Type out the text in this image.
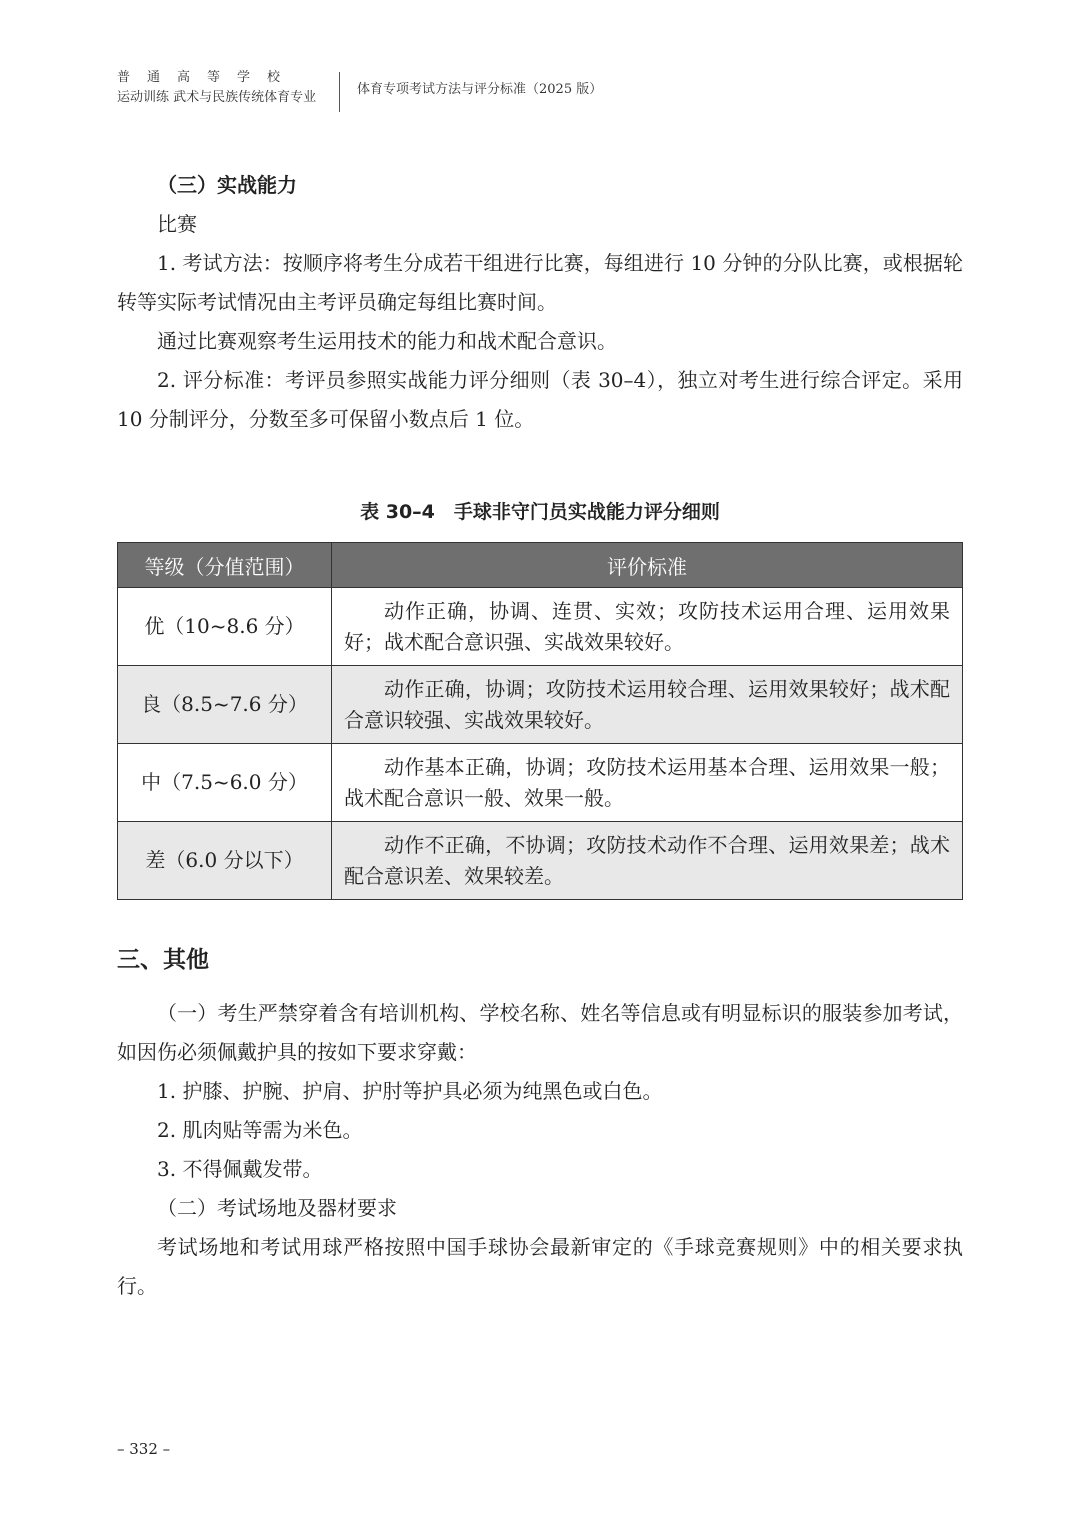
普通高等学校
运动训练 武术与民族传统体育专业
体育专项考试方法与评分标准（2025 版）

（三）实战能力

比赛

1. 考试方法：按顺序将考生分成若干组进行比赛，每组进行 10 分钟的分队比赛，或根据轮转等实际考试情况由主考评员确定每组比赛时间。

通过比赛观察考生运用技术的能力和战术配合意识。

2. 评分标准：考评员参照实战能力评分细则（表 30–4），独立对考生进行综合评定。采用 10 分制评分，分数至多可保留小数点后 1 位。

表 30–4　手球非守门员实战能力评分细则

等级（分值范围）	评价标准
优（10~8.6 分）	动作正确，协调、连贯、实效；攻防技术运用合理、运用效果好；战术配合意识强、实战效果较好。
良（8.5~7.6 分）	动作正确，协调；攻防技术运用较合理、运用效果较好；战术配合意识较强、实战效果较好。
中（7.5~6.0 分）	动作基本正确，协调；攻防技术运用基本合理、运用效果一般；战术配合意识一般、效果一般。
差（6.0 分以下）	动作不正确，不协调；攻防技术动作不合理、运用效果差；战术配合意识差、效果较差。

三、其他

（一）考生严禁穿着含有培训机构、学校名称、姓名等信息或有明显标识的服装参加考试，如因伤必须佩戴护具的按如下要求穿戴：

1. 护膝、护腕、护肩、护肘等护具必须为纯黑色或白色。

2. 肌肉贴等需为米色。

3. 不得佩戴发带。

（二）考试场地及器材要求

考试场地和考试用球严格按照中国手球协会最新审定的《手球竞赛规则》中的相关要求执行。

– 332 –
